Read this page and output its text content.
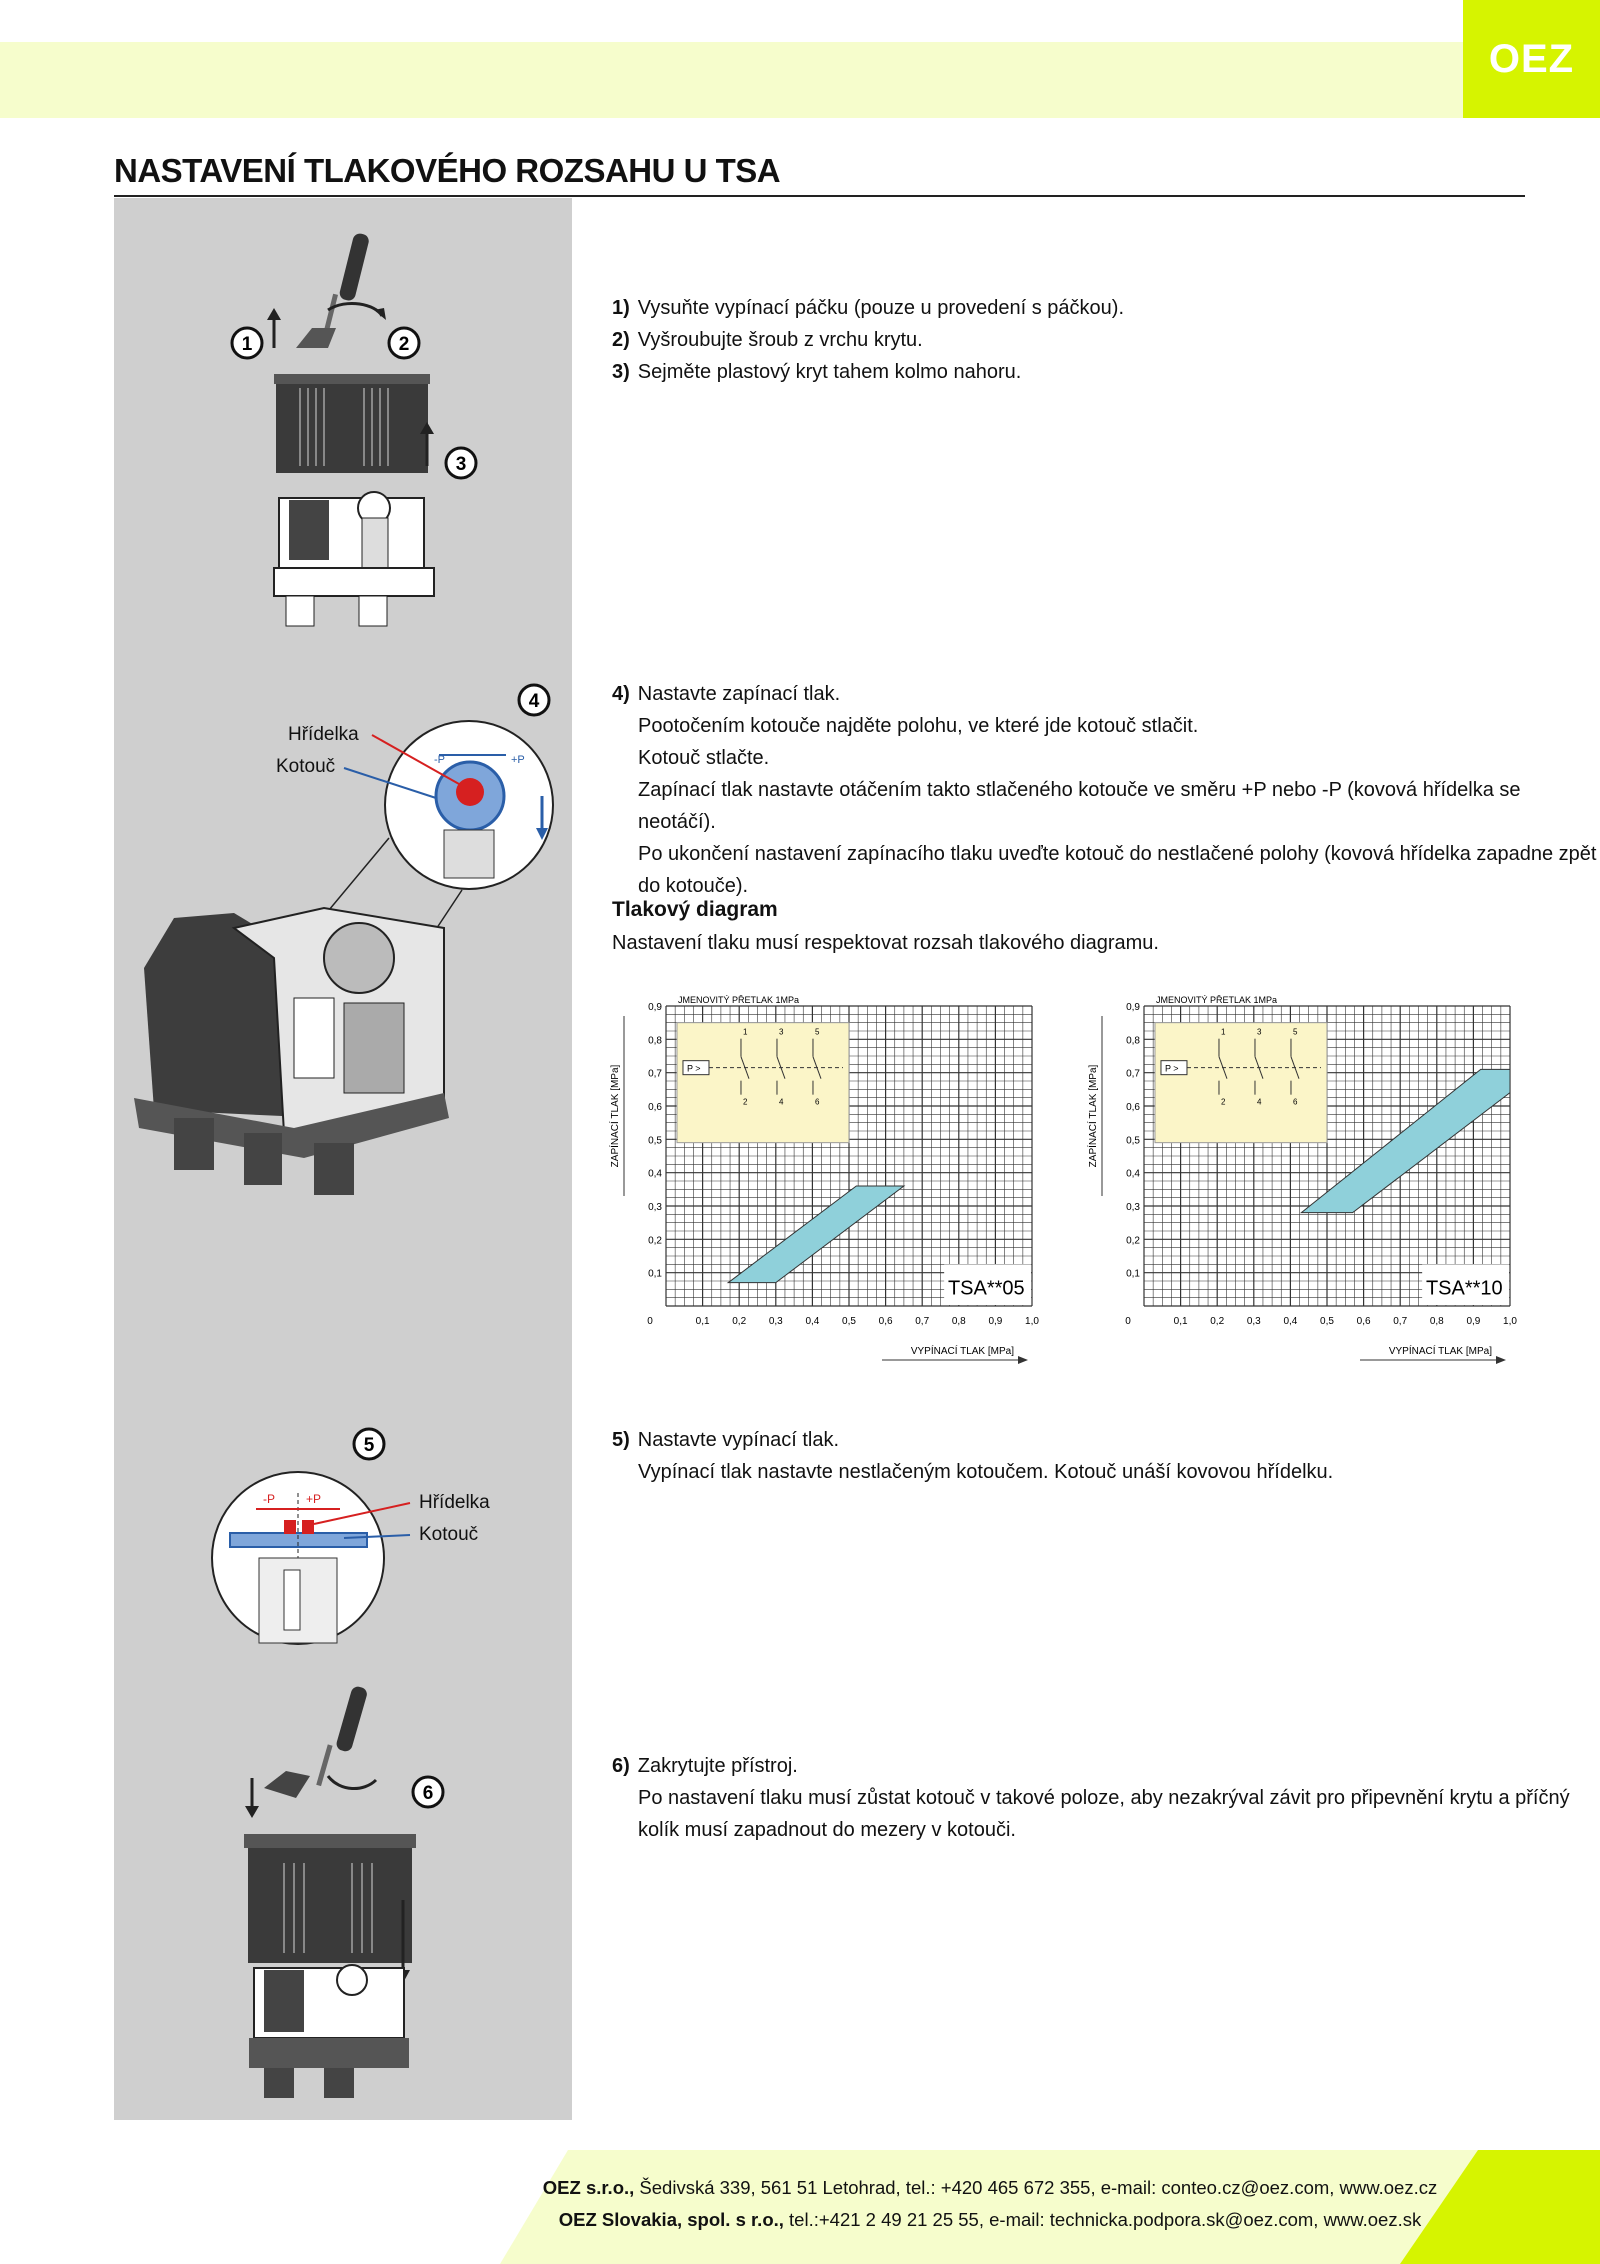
OEZ
NASTAVENÍ TLAKOVÉHO ROZSAHU U TSA
1	2
3
4
-P	+P
Hřídelka
Kotouč
5
-P	+P	Hřídelka
Kotouč
6
1) Vysuňte vypínací páčku (pouze u provedení s páčkou).
2) Vyšroubujte šroub z vrchu krytu.
3) Sejměte plastový kryt tahem kolmo nahoru.
4) Nastavte zapínací tlak.
Pootočením kotouče najděte polohu, ve které jde kotouč stlačit.
Kotouč stlačte.
Zapínací tlak nastavte otáčením takto stlačeného kotouče ve směru +P nebo -P (kovová hřídelka se neotáčí).
Po ukončení nastavení zapínacího tlaku uveďte kotouč do nestlačené polohy (kovová hřídelka zapadne zpět
do kotouče).
Tlakový diagram
Nastavení tlaku musí respektovat rozsah tlakového diagramu.
P >
1
2
3
4
5
6
TSA**05
JMENOVITÝ PŘETLAK 1MPa
0,1
0,2
0,3
0,4
0,5
0,6
0,7
0,8
0,9
0	0,1 0,2 0,3 0,4 0,5 0,6 0,7 0,8 0,9 1,0
ZAPÍNACÍ TLAK [MPa]
VYPÍNACÍ TLAK [MPa]
P >
1
2
3
4
5
6
TSA**10
JMENOVITÝ PŘETLAK 1MPa
0,1
0,2
0,3
0,4
0,5
0,6
0,7
0,8
0,9
0	0,1 0,2 0,3 0,4 0,5 0,6 0,7 0,8 0,9 1,0
ZAPÍNACÍ TLAK [MPa]
VYPÍNACÍ TLAK [MPa]
5) Nastavte vypínací tlak.
Vypínací tlak nastavte nestlačeným kotoučem. Kotouč unáší kovovou hřídelku.
6) Zakrytujte přístroj.
Po nastavení tlaku musí zůstat kotouč v takové poloze, aby nezakrýval závit pro připevnění krytu a příčný
kolík musí zapadnout do mezery v kotouči.
OEZ s.r.o., Šedivská 339, 561 51 Letohrad, tel.: +420 465 672 355, e-mail: conteo.cz@oez.com, www.oez.cz
OEZ Slovakia, spol. s r.o., tel.:+421 2 49 21 25 55, e-mail: technicka.podpora.sk@oez.com, www.oez.sk
